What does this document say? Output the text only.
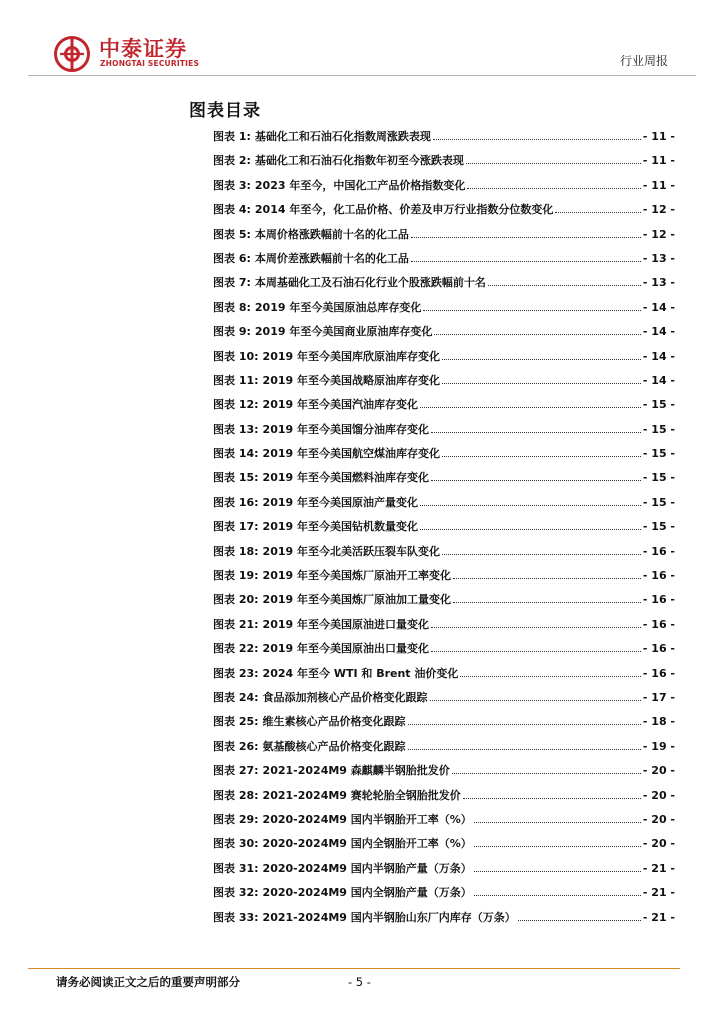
中泰证券
ZHONGTAI SECURITIES	行业周报
图表目录
图表 1: 基础化工和石油石化指数周涨跌表现	- 11 -
图表 2: 基础化工和石油石化指数年初至今涨跌表现	- 11 -
图表 3: 2023 年至今，中国化工产品价格指数变化	- 11 -
图表 4: 2014 年至今，化工品价格、价差及申万行业指数分位数变化	- 12 -
图表 5: 本周价格涨跌幅前十名的化工品	- 12 -
图表 6: 本周价差涨跌幅前十名的化工品	- 13 -
图表 7: 本周基础化工及石油石化行业个股涨跌幅前十名	- 13 -
图表 8: 2019 年至今美国原油总库存变化	- 14 -
图表 9: 2019 年至今美国商业原油库存变化	- 14 -
图表 10: 2019 年至今美国库欣原油库存变化	- 14 -
图表 11: 2019 年至今美国战略原油库存变化	- 14 -
图表 12: 2019 年至今美国汽油库存变化	- 15 -
图表 13: 2019 年至今美国馏分油库存变化	- 15 -
图表 14: 2019 年至今美国航空煤油库存变化	- 15 -
图表 15: 2019 年至今美国燃料油库存变化	- 15 -
图表 16: 2019 年至今美国原油产量变化	- 15 -
图表 17: 2019 年至今美国钻机数量变化	- 15 -
图表 18: 2019 年至今北美活跃压裂车队变化	- 16 -
图表 19: 2019 年至今美国炼厂原油开工率变化	- 16 -
图表 20: 2019 年至今美国炼厂原油加工量变化	- 16 -
图表 21: 2019 年至今美国原油进口量变化	- 16 -
图表 22: 2019 年至今美国原油出口量变化	- 16 -
图表 23: 2024 年至今 WTI 和 Brent 油价变化	- 16 -
图表 24: 食品添加剂核心产品价格变化跟踪	- 17 -
图表 25: 维生素核心产品价格变化跟踪	- 18 -
图表 26: 氨基酸核心产品价格变化跟踪	- 19 -
图表 27: 2021-2024M9 森麒麟半钢胎批发价	- 20 -
图表 28: 2021-2024M9 赛轮轮胎全钢胎批发价	- 20 -
图表 29: 2020-2024M9 国内半钢胎开工率（%）	- 20 -
图表 30: 2020-2024M9 国内全钢胎开工率（%）	- 20 -
图表 31: 2020-2024M9 国内半钢胎产量（万条）	- 21 -
图表 32: 2020-2024M9 国内全钢胎产量（万条）	- 21 -
图表 33: 2021-2024M9 国内半钢胎山东厂内库存（万条）	- 21 -
请务必阅读正文之后的重要声明部分	- 5 -
